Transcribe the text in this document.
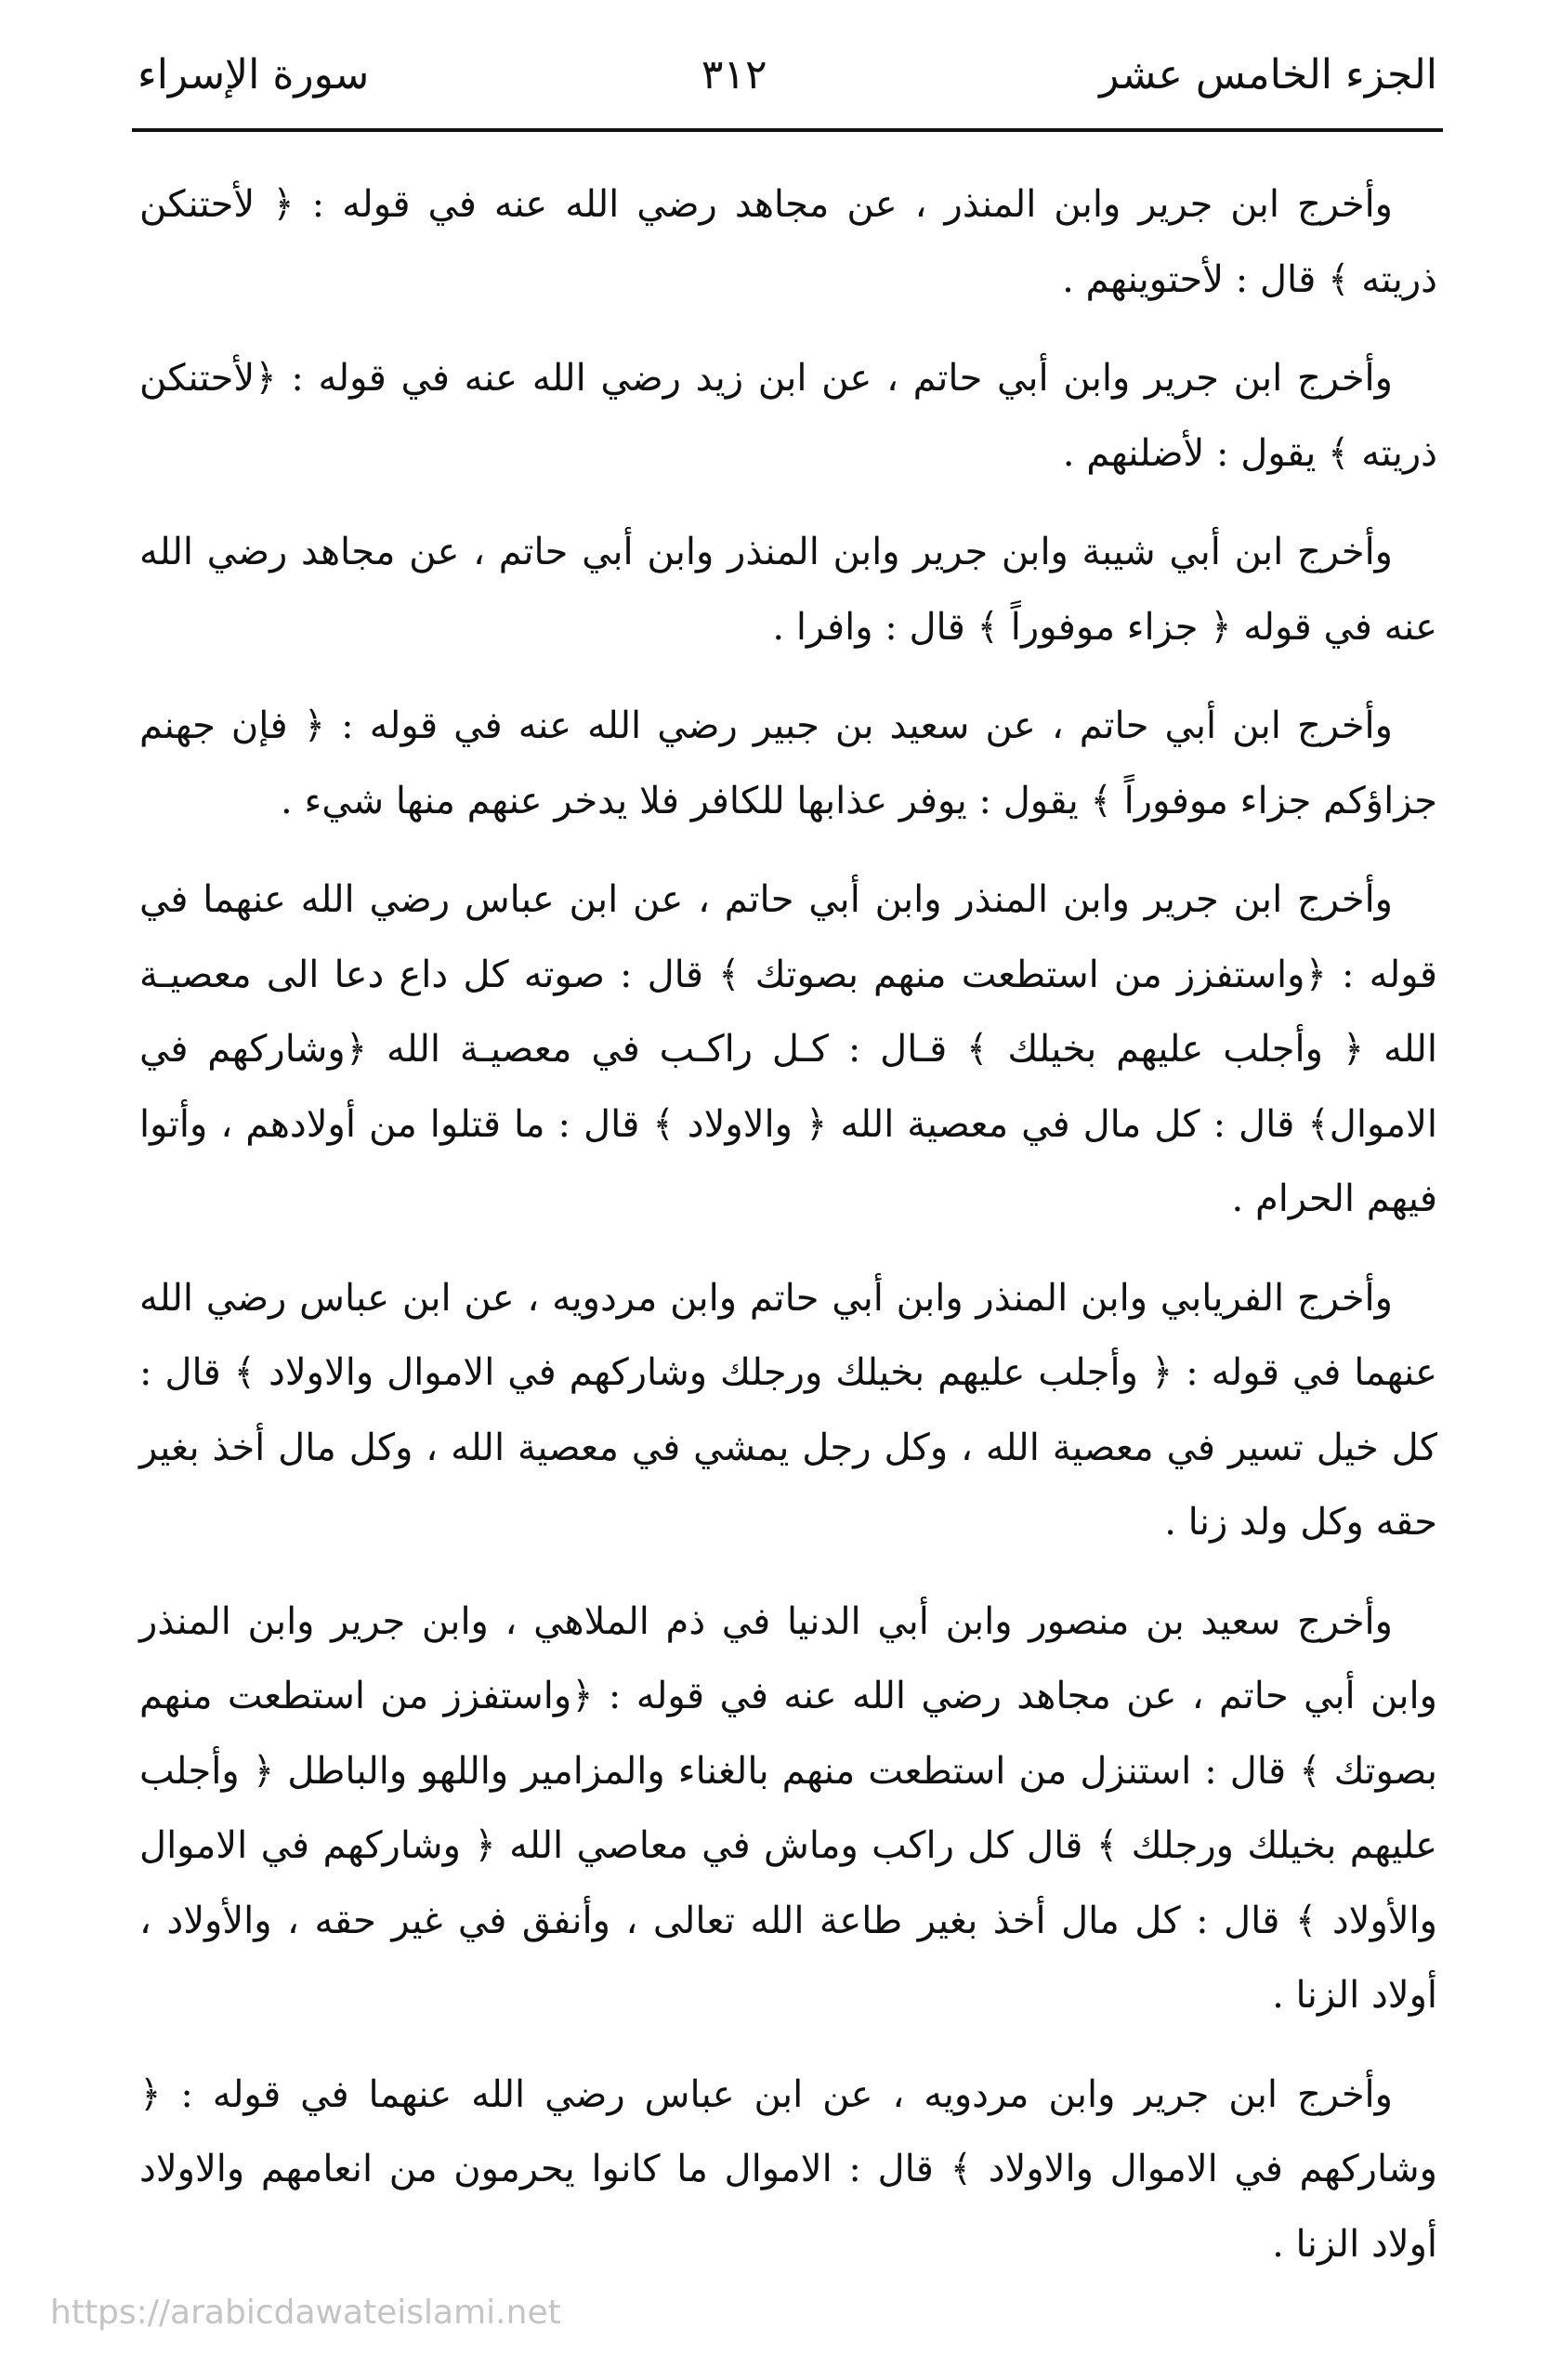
الجزء الخامس عشر
٣١٢
سورة الإسراء

وأخرج ابن جرير وابن المنذر ، عن مجاهد رضي الله عنه في قوله : ﴿ لأحتنكن ذريته ﴾ قال : لأحتوينهم .

وأخرج ابن جرير وابن أبي حاتم ، عن ابن زيد رضي الله عنه في قوله : ﴿لأحتنكن ذريته ﴾ يقول : لأضلنهم .

وأخرج ابن أبي شيبة وابن جرير وابن المنذر وابن أبي حاتم ، عن مجاهد رضي الله عنه في قوله ﴿ جزاء موفوراً ﴾ قال : وافرا .

وأخرج ابن أبي حاتم ، عن سعيد بن جبير رضي الله عنه في قوله : ﴿ فإن جهنم جزاؤكم جزاء موفوراً ﴾ يقول : يوفر عذابها للكافر فلا يدخر عنهم منها شيء .

وأخرج ابن جرير وابن المنذر وابن أبي حاتم ، عن ابن عباس رضي الله عنهما في قوله : ﴿واستفزز من استطعت منهم بصوتك ﴾ قال : صوته كل داع دعا الى معصيـة الله ﴿ وأجلب عليهم بخيلك ﴾ قـال : كـل راكـب في معصيـة الله ﴿وشاركهم في الاموال﴾ قال : كل مال في معصية الله ﴿ والاولاد ﴾ قال : ما قتلوا من أولادهم ، وأتوا فيهم الحرام .

وأخرج الفريابي وابن المنذر وابن أبي حاتم وابن مردويه ، عن ابن عباس رضي الله عنهما في قوله : ﴿ وأجلب عليهم بخيلك ورجلك وشاركهم في الاموال والاولاد ﴾ قال : كل خيل تسير في معصية الله ، وكل رجل يمشي في معصية الله ، وكل مال أخذ بغير حقه وكل ولد زنا .

وأخرج سعيد بن منصور وابن أبي الدنيا في ذم الملاهي ، وابن جرير وابن المنذر وابن أبي حاتم ، عن مجاهد رضي الله عنه في قوله : ﴿واستفزز من استطعت منهم بصوتك ﴾ قال : استنزل من استطعت منهم بالغناء والمزامير واللهو والباطل ﴿ وأجلب عليهم بخيلك ورجلك ﴾ قال كل راكب وماش في معاصي الله ﴿ وشاركهم في الاموال والأولاد ﴾ قال : كل مال أخذ بغير طاعة الله تعالى ، وأنفق في غير حقه ، والأولاد ، أولاد الزنا .

وأخرج ابن جرير وابن مردويه ، عن ابن عباس رضي الله عنهما في قوله : ﴿ وشاركهم في الاموال والاولاد ﴾ قال : الاموال ما كانوا يحرمون من انعامهم والاولاد أولاد الزنا .

https://arabicdawateislami.net
